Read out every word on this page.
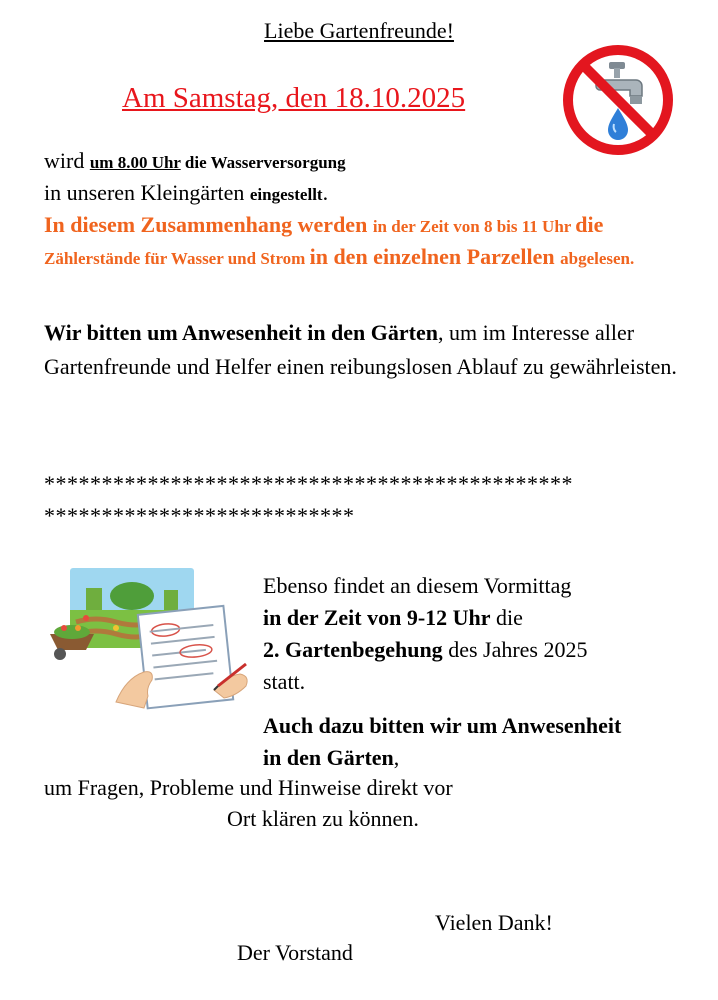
Liebe Gartenfreunde!
Am Samstag, den 18.10.2025
wird um 8.00 Uhr die Wasserversorgung
in unseren Kleingärten eingestellt.
In diesem Zusammenhang werden in der Zeit von 8 bis 11 Uhr die Zählerstände für Wasser und Strom in den einzelnen Parzellen abgelesen.
Wir bitten um Anwesenheit in den Gärten, um im Interesse aller Gartenfreunde und Helfer einen reibungslosen Ablauf zu gewährleisten.
**********************************************
***************************
Ebenso findet an diesem Vormittag
in der Zeit von 9-12 Uhr die
2. Gartenbegehung des Jahres 2025
statt.
Auch dazu bitten wir um Anwesenheit
in den Gärten,
um Fragen, Probleme und Hinweise direkt vor
Ort klären zu können.
Vielen Dank!
Der Vorstand
